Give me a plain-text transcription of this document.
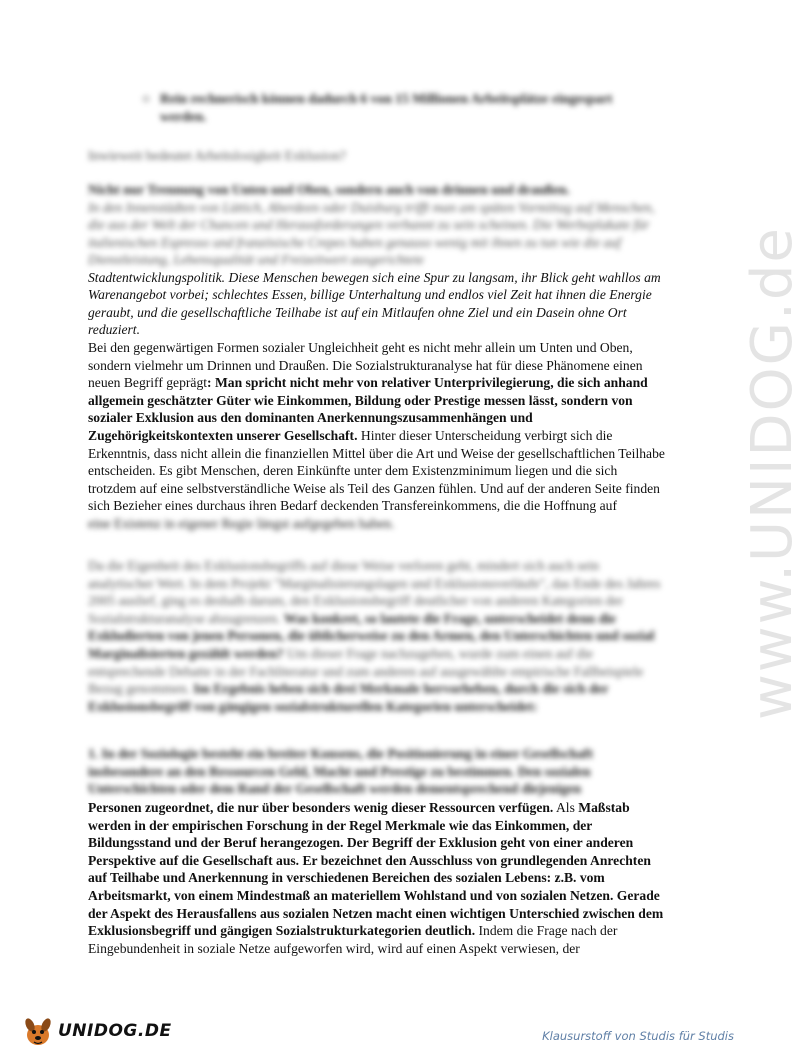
www.UNIDOG.de
○ Rein rechnerisch können dadurch 6 von 15 Millionen Arbeitsplätze eingespart werden.

Inwieweit bedeutet Arbeitslosigkeit Exklusion?

Nicht nur Trennung von Unten und Oben, sondern auch von drinnen und draußen.

In den Innenstädten von Lüttich, Aberdeen oder Duisburg trifft man am späten Vormittag auf Menschen, die aus der Welt der Chancen und Herausforderungen verbannt zu sein scheinen. Die Werbeplakate für italienischen Espresso und französische Crepes haben genauso wenig mit ihnen zu tun wie die auf Dienstleistung, Lebensqualität und Freizeitwert ausgerichtete

Stadtentwicklungspolitik. Diese Menschen bewegen sich eine Spur zu langsam, ihr Blick geht wahllos am Warenangebot vorbei; schlechtes Essen, billige Unterhaltung und endlos viel Zeit hat ihnen die Energie geraubt, und die gesellschaftliche Teilhabe ist auf ein Mitlaufen ohne Ziel und ein Dasein ohne Ort reduziert.

Bei den gegenwärtigen Formen sozialer Ungleichheit geht es nicht mehr allein um Unten und Oben, sondern vielmehr um Drinnen und Draußen. Die Sozialstrukturanalyse hat für diese Phänomene einen neuen Begriff geprägt: Man spricht nicht mehr von relativer Unterprivilegierung, die sich anhand allgemein geschätzter Güter wie Einkommen, Bildung oder Prestige messen lässt, sondern von sozialer Exklusion aus den dominanten Anerkennungszusammenhängen und Zugehörigkeitskontexten unserer Gesellschaft. Hinter dieser Unterscheidung verbirgt sich die Erkenntnis, dass nicht allein die finanziellen Mittel über die Art und Weise der gesellschaftlichen Teilhabe entscheiden. Es gibt Menschen, deren Einkünfte unter dem Existenzminimum liegen und die sich trotzdem auf eine selbstverständliche Weise als Teil des Ganzen fühlen. Und auf der anderen Seite finden sich Bezieher eines durchaus ihren Bedarf deckenden Transfereinkommens, die die Hoffnung auf

eine Existenz in eigener Regie längst aufgegeben haben.

Da die Eigenheit des Exklusionsbegriffs auf diese Weise verloren geht, mindert sich auch sein analytischer Wert. In dem Projekt "Marginalisierungslagen und Exklusionsverläufe", das Ende des Jahres 2005 auslief, ging es deshalb darum, den Exklusionsbegriff deutlicher von anderen Kategorien der Sozialstrukturanalyse abzugrenzen. Was konkret, so lautete die Frage, unterscheidet denn die Exkludierten von jenen Personen, die üblicherweise zu den Armen, den Unterschichten und sozial Marginalisierten gezählt werden? Um dieser Frage nachzugehen, wurde zum einen auf die entsprechende Debatte in der Fachliteratur und zum anderen auf ausgewählte empirische Fallbeispiele Bezug genommen. Im Ergebnis heben sich drei Merkmale hervorheben, durch die sich der Exklusionsbegriff von gängigen sozialstrukturellen Kategorien unterscheidet:

1. In der Soziologie besteht ein breiter Konsens, die Positionierung in einer Gesellschaft insbesondere an den Ressourcen Geld, Macht und Prestige zu bestimmen. Den sozialen Unterschichten oder dem Rand der Gesellschaft werden dementsprechend diejenigen

Personen zugeordnet, die nur über besonders wenig dieser Ressourcen verfügen. Als Maßstab werden in der empirischen Forschung in der Regel Merkmale wie das Einkommen, der Bildungsstand und der Beruf herangezogen. Der Begriff der Exklusion geht von einer anderen Perspektive auf die Gesellschaft aus. Er bezeichnet den Ausschluss von grundlegenden Anrechten auf Teilhabe und Anerkennung in verschiedenen Bereichen des sozialen Lebens: z.B. vom Arbeitsmarkt, von einem Mindestmaß an materiellem Wohlstand und von sozialen Netzen. Gerade der Aspekt des Herausfallens aus sozialen Netzen macht einen wichtigen Unterschied zwischen dem Exklusionsbegriff und gängigen Sozialstrukturkategorien deutlich. Indem die Frage nach der Eingebundenheit in soziale Netze aufgeworfen wird, wird auf einen Aspekt verwiesen, der

UNIDOG.DE	Klausurstoff von Studis für Studis
